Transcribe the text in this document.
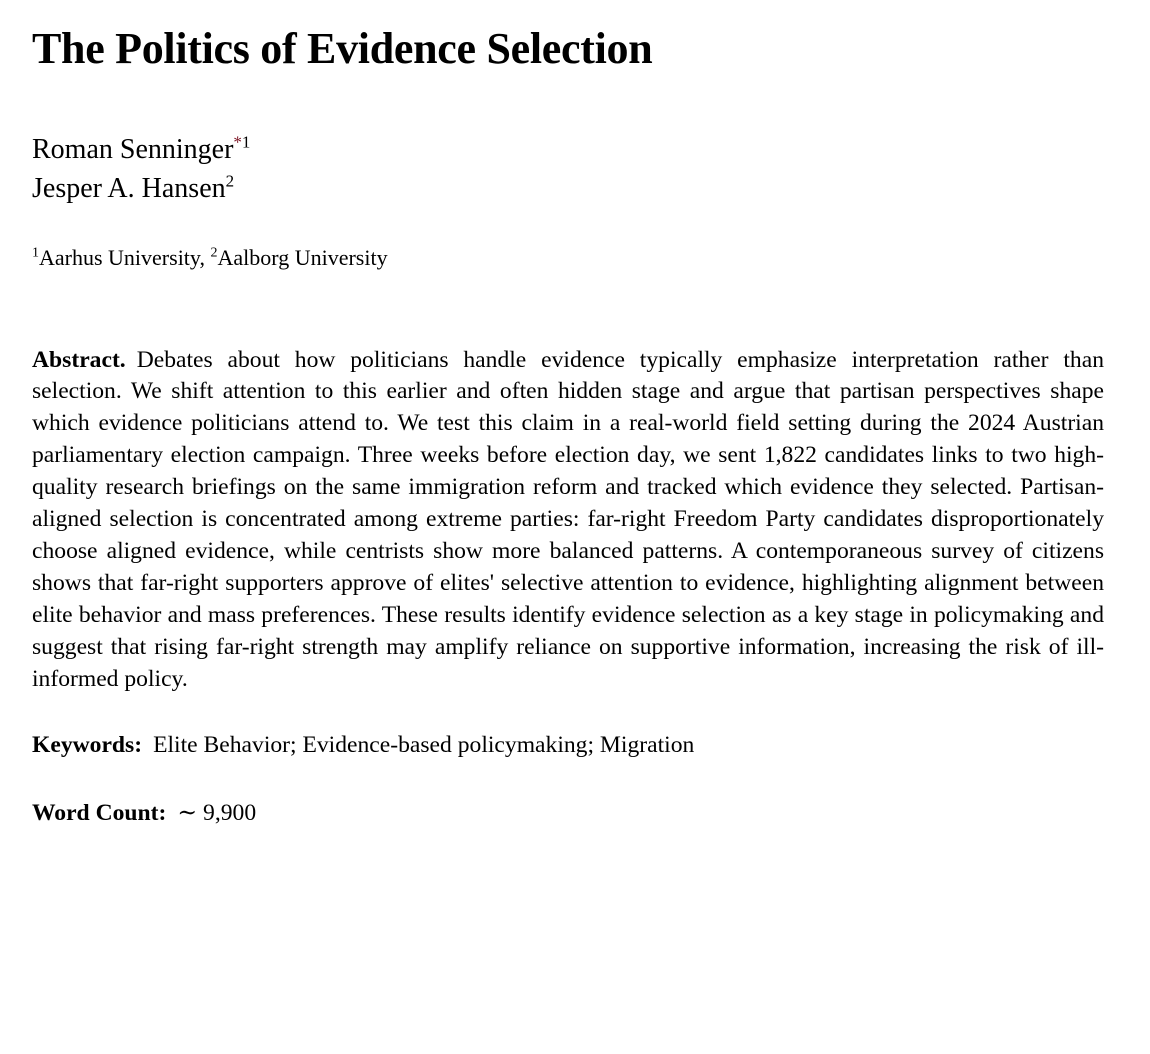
The Politics of Evidence Selection
Roman Senninger$^{*1}$
Jesper A. Hansen$^2$
$^1$Aarhus University, $^2$Aalborg University
Abstract. Debates about how politicians handle evidence typically emphasize interpretation rather than selection. We shift attention to this earlier and often hidden stage and argue that partisan perspectives shape which evidence politicians attend to. We test this claim in a real-world field setting during the 2024 Austrian parliamentary election campaign. Three weeks before election day, we sent 1,822 candidates links to two high-quality research briefings on the same immigration reform and tracked which evidence they selected. Partisan-aligned selection is concentrated among extreme parties: far-right Freedom Party candidates disproportionately choose aligned evidence, while centrists show more balanced patterns. A contemporaneous survey of citizens shows that far-right supporters approve of elites' selective attention to evidence, highlighting alignment between elite behavior and mass preferences. These results identify evidence selection as a key stage in policymaking and suggest that rising far-right strength may amplify reliance on supportive information, increasing the risk of ill-informed policy.
Keywords: Elite Behavior; Evidence-based policymaking; Migration
Word Count: ∼ 9,900
